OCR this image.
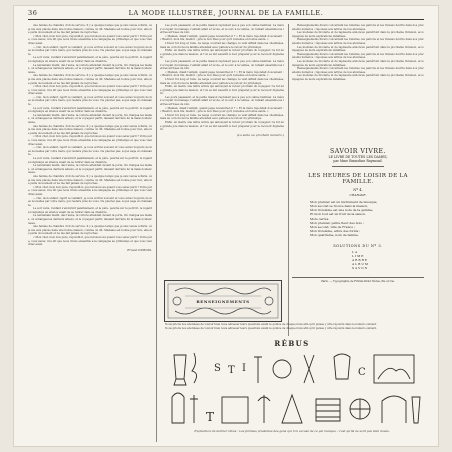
36	LA MODE ILLUSTRÉE, JOURNAL DE LA FAMILLE.

une femme de chambre civil de service. Il y a quelque temps que je suis venue à Paris, où je me suis placée dans une bonne maison, comme on dit. Madame est bonne pour moi, elle me parle doucement et ne me fait jamais de reproches.

« Mon cher, mon bon père, répondit-il, que ferons-nous quand vous serez parti ? Votre père, vous savez, m'a dit que nous irions ensemble à la campagne au printemps et que vous viendriez aussi.

— Oui, mon enfant, reprit le vieillard, je vous écrirai souvent et vous aurez toujours de mes nouvelles par votre mère, qui restera près de vous. Ne pleurez pas, soyez sage et obéissante.

Le soir venu, l'enfant s'endormit paisiblement, et le père, penché sur le petit lit, le regarda longtemps en silence avant de se retirer dans sa chambre.

Le lendemain matin, dès l'aube, la voiture attendait devant la porte. On chargea les malles, on échangea les derniers adieux, et le voyageur partit, laissant derrière lui la maison silencieuse.

une femme de chambre civil de service. Il y a quelque temps que je suis venue à Paris, où je me suis placée dans une bonne maison, comme on dit. Madame est bonne pour moi, elle me parle doucement et ne me fait jamais de reproches.

« Mon cher, mon bon père, répondit-il, que ferons-nous quand vous serez parti ? Votre père, vous savez, m'a dit que nous irions ensemble à la campagne au printemps et que vous viendriez aussi.

— Oui, mon enfant, reprit le vieillard, je vous écrirai souvent et vous aurez toujours de mes nouvelles par votre mère, qui restera près de vous. Ne pleurez pas, soyez sage et obéissante.

Le soir venu, l'enfant s'endormit paisiblement, et le père, penché sur le petit lit, le regarda longtemps en silence avant de se retirer dans sa chambre.

Le lendemain matin, dès l'aube, la voiture attendait devant la porte. On chargea les malles, on échangea les derniers adieux, et le voyageur partit, laissant derrière lui la maison silencieuse.

une femme de chambre civil de service. Il y a quelque temps que je suis venue à Paris, où je me suis placée dans une bonne maison, comme on dit. Madame est bonne pour moi, elle me parle doucement et ne me fait jamais de reproches.

« Mon cher, mon bon père, répondit-il, que ferons-nous quand vous serez parti ? Votre père, vous savez, m'a dit que nous irions ensemble à la campagne au printemps et que vous viendriez aussi.

— Oui, mon enfant, reprit le vieillard, je vous écrirai souvent et vous aurez toujours de mes nouvelles par votre mère, qui restera près de vous. Ne pleurez pas, soyez sage et obéissante.

Le soir venu, l'enfant s'endormit paisiblement, et le père, penché sur le petit lit, le regarda longtemps en silence avant de se retirer dans sa chambre.

Le lendemain matin, dès l'aube, la voiture attendait devant la porte. On chargea les malles, on échangea les derniers adieux, et le voyageur partit, laissant derrière lui la maison silencieuse.

une femme de chambre civil de service. Il y a quelque temps que je suis venue à Paris, où je me suis placée dans une bonne maison, comme on dit. Madame est bonne pour moi, elle me parle doucement et ne me fait jamais de reproches.

« Mon cher, mon bon père, répondit-il, que ferons-nous quand vous serez parti ? Votre père, vous savez, m'a dit que nous irions ensemble à la campagne au printemps et que vous viendriez aussi.

— Oui, mon enfant, reprit le vieillard, je vous écrirai souvent et vous aurez toujours de mes nouvelles par votre mère, qui restera près de vous. Ne pleurez pas, soyez sage et obéissante.

Le soir venu, l'enfant s'endormit paisiblement, et le père, penché sur le petit lit, le regarda longtemps en silence avant de se retirer dans sa chambre.

Le lendemain matin, dès l'aube, la voiture attendait devant la porte. On chargea les malles, on échangea les derniers adieux, et le voyageur partit, laissant derrière lui la maison silencieuse.

une femme de chambre civil de service. Il y a quelque temps que je suis venue à Paris, où je me suis placée dans une bonne maison, comme on dit. Madame est bonne pour moi, elle me parle doucement et ne me fait jamais de reproches.

« Mon cher, mon bon père, répondit-il, que ferons-nous quand vous serez parti ? Votre père, vous savez, m'a dit que nous irions ensemble à la campagne au printemps et que vous viendriez aussi.

Ernest DUBOIS.

Les jours passaient, et la petite maison reprenait peu à peu son calme habituel. La mère s'occupait du ménage, l'enfant allait à l'école, et le soir, à la veillée, on relisait ensemble les lettres arrivées de loin.

« Maman, disait l'enfant, quand papa reviendra-t-il ? » Et la mère répondait doucement : « Bientôt, mon fils, bientôt ; prie le bon Dieu pour qu'il revienne en bonne santé. »

L'hiver fut long et rude. La neige couvrait les champs, le vent sifflait dans les cheminées, mais au coin du feu la famille attendait avec patience le retour du printemps.

Enfin, un matin, une lettre arriva qui annonçait le retour prochain du voyageur. Ce fut une grande joie dans la maison, et l'on se mit aussitôt à tout préparer pour le recevoir dignement.

Les jours passaient, et la petite maison reprenait peu à peu son calme habituel. La mère s'occupait du ménage, l'enfant allait à l'école, et le soir, à la veillée, on relisait ensemble les lettres arrivées de loin.

« Maman, disait l'enfant, quand papa reviendra-t-il ? » Et la mère répondait doucement : « Bientôt, mon fils, bientôt ; prie le bon Dieu pour qu'il revienne en bonne santé. »

L'hiver fut long et rude. La neige couvrait les champs, le vent sifflait dans les cheminées, mais au coin du feu la famille attendait avec patience le retour du printemps.

Enfin, un matin, une lettre arriva qui annonçait le retour prochain du voyageur. Ce fut une grande joie dans la maison, et l'on se mit aussitôt à tout préparer pour le recevoir dignement.

Les jours passaient, et la petite maison reprenait peu à peu son calme habituel. La mère s'occupait du ménage, l'enfant allait à l'école, et le soir, à la veillée, on relisait ensemble les lettres arrivées de loin.

« Maman, disait l'enfant, quand papa reviendra-t-il ? » Et la mère répondait doucement : « Bientôt, mon fils, bientôt ; prie le bon Dieu pour qu'il revienne en bonne santé. »

L'hiver fut long et rude. La neige couvrait les champs, le vent sifflait dans les cheminées, mais au coin du feu la famille attendait avec patience le retour du printemps.

Enfin, un matin, une lettre arriva qui annonçait le retour prochain du voyageur. Ce fut une grande joie dans la maison, et l'on se mit aussitôt à tout préparer pour le recevoir dignement.

(La suite au prochain numéro.)

Renseignements divers concernant les toilettes, les patrons et les travaux décrits dans nos précédents numéros ; réponses aux lettres de nos abonnées.

Les modèles de broderie et de tapisserie annoncés paraîtront dans la prochaine livraison, accompagnés de leurs explications détaillées.

Renseignements divers concernant les toilettes, les patrons et les travaux décrits dans nos précédents numéros ; réponses aux lettres de nos abonnées.

Les modèles de broderie et de tapisserie annoncés paraîtront dans la prochaine livraison, accompagnés de leurs explications détaillées.

Renseignements divers concernant les toilettes, les patrons et les travaux décrits dans nos précédents numéros ; réponses aux lettres de nos abonnées.

Les modèles de broderie et de tapisserie annoncés paraîtront dans la prochaine livraison, accompagnés de leurs explications détaillées.

Renseignements divers concernant les toilettes, les patrons et les travaux décrits dans nos précédents numéros ; réponses aux lettres de nos abonnées.

Les modèles de broderie et de tapisserie annoncés paraîtront dans la prochaine livraison, accompagnés de leurs explications détaillées.

SAVOIR VIVRE.
LE LIVRE DE TOUTES LES DAMES,
par Mme Emmeline Raymond.
LES HEURES DE LOISIR DE LA FAMILLE.
Nº 4.
CHARADE.
Mon premier est un instrument de musique,
Mon second se trouve dans la maison,
Mon troisième est une note de la gamme,
Et mon tout est un fruit de la saison.
Mots carrés.
Mon premier, petite fleur des bois ;
Mon second, ville de France ;
Mon troisième, arbre des forêts ;
Mon quatrième, nom de femme.
SOLUTIONS DU Nº 3.
LA
LIME
ARBRE
ALBUM
SAVON
Paris. — Typographie de Firmin-Didot frères, fils et Cie.
RENSEIGNEMENTS

Nous prions nos abonnées de vouloir bien nous adresser leurs questions avant le quinze de chaque mois afin qu'il puisse y être répondu dans le numéro suivant.

Nous prions nos abonnées de vouloir bien nous adresser leurs questions avant le quinze de chaque mois afin qu'il puisse y être répondu dans le numéro suivant.

RÉBUS
S T I	C
T
Explication du dernier rébus : Les femmes prudentes des gens qui l'on excusé de ce qui manque ; c'est qu'ils ne sont pas bien doués.
